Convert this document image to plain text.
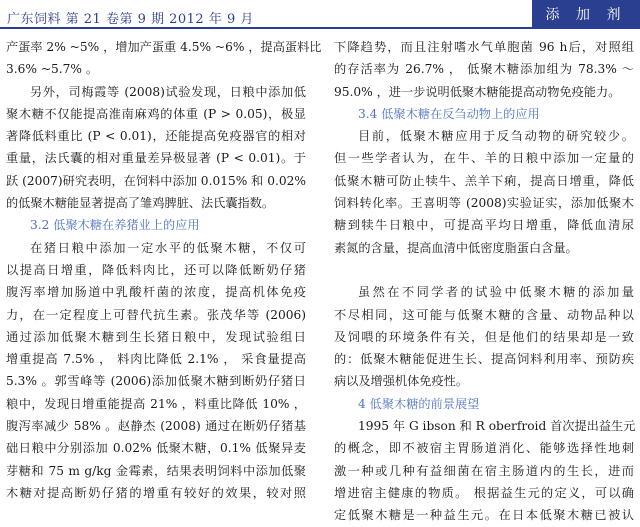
广东饲料 第 21 卷第 9 期 2012 年 9 月	添 加 剂
产蛋率 2% ~5% ，增加产蛋重 4.5% ~6% ，提高蛋料比
3.6% ~5.7% 。
另外，司梅霞等 (2008)试验发现，日粮中添加低
聚木糖不仅能提高淮南麻鸡的体重 (P > 0.05)，极显
著降低料重比 (P < 0.01)，还能提高免疫器官的相对
重量，法氏囊的相对重量差异极显著 (P < 0.01)。于
跃 (2007)研究表明，在饲料中添加 0.015% 和 0.02%
的低聚木糖能显著提高了雏鸡脾脏、法氏囊指数。
3.2 低聚木糖在养猪业上的应用
在猪日粮中添加一定水平的低聚木糖，不仅可
以提高日增重，降低料肉比，还可以降低断奶仔猪
腹泻率增加肠道中乳酸杆菌的浓度，提高机体免疫
力，在一定程度上可替代抗生素。张茂华等 (2006)
通过添加低聚木糖到生长猪日粮中，发现试验组日
增重提高 7.5% ， 料肉比降低 2.1% ， 采食量提高
5.3% 。郭雪峰等 (2006)添加低聚木糖到断奶仔猪日
粮中，发现日增重能提高 21% ，料重比降低 10% ，
腹泻率减少 58% 。赵静杰 (2008) 通过在断奶仔猪基
础日粮中分别添加 0.02% 低聚木糖，0.1% 低聚异麦
芽糖和 75 m g/kg 金霉素，结果表明饲料中添加低聚
木糖对提高断奶仔猪的增重有较好的效果，较对照
下降趋势，而且注射嗜水气单胞菌 96 h后，对照组
的存活率为 26.7% ， 低聚木糖添加组为 78.3% ～
95.0% ，进一步说明低聚木糖能提高动物免疫能力。
3.4 低聚木糖在反刍动物上的应用
目前，低聚木糖应用于反刍动物的研究较少。
但一些学者认为，在牛、羊的日粮中添加一定量的
低聚木糖可防止犊牛、羔羊下痢，提高日增重，降低
饲料转化率。王喜明等 (2008)实验证实，添加低聚木
糖到犊牛日粮中，可提高平均日增重，降低血清尿
素氮的含量，提高血清中低密度脂蛋白含量。
虽然在不同学者的试验中低聚木糖的添加量
不尽相同，这可能与低聚木糖的含量、动物品种以
及饲喂的环境条件有关，但是他们的结果却是一致
的：低聚木糖能促进生长、提高饲料利用率、预防疾
病以及增强机体免疫性。
4 低聚木糖的前景展望
1995 年 G ibson 和 R oberfroid 首次提出益生元
的概念，即不被宿主胃肠道消化、能够选择性地刺
激一种或几种有益细菌在宿主肠道内的生长，进而
增进宿主健康的物质。 根据益生元的定义，可以确
定低聚木糖是一种益生元。在日本低聚木糖已被认
